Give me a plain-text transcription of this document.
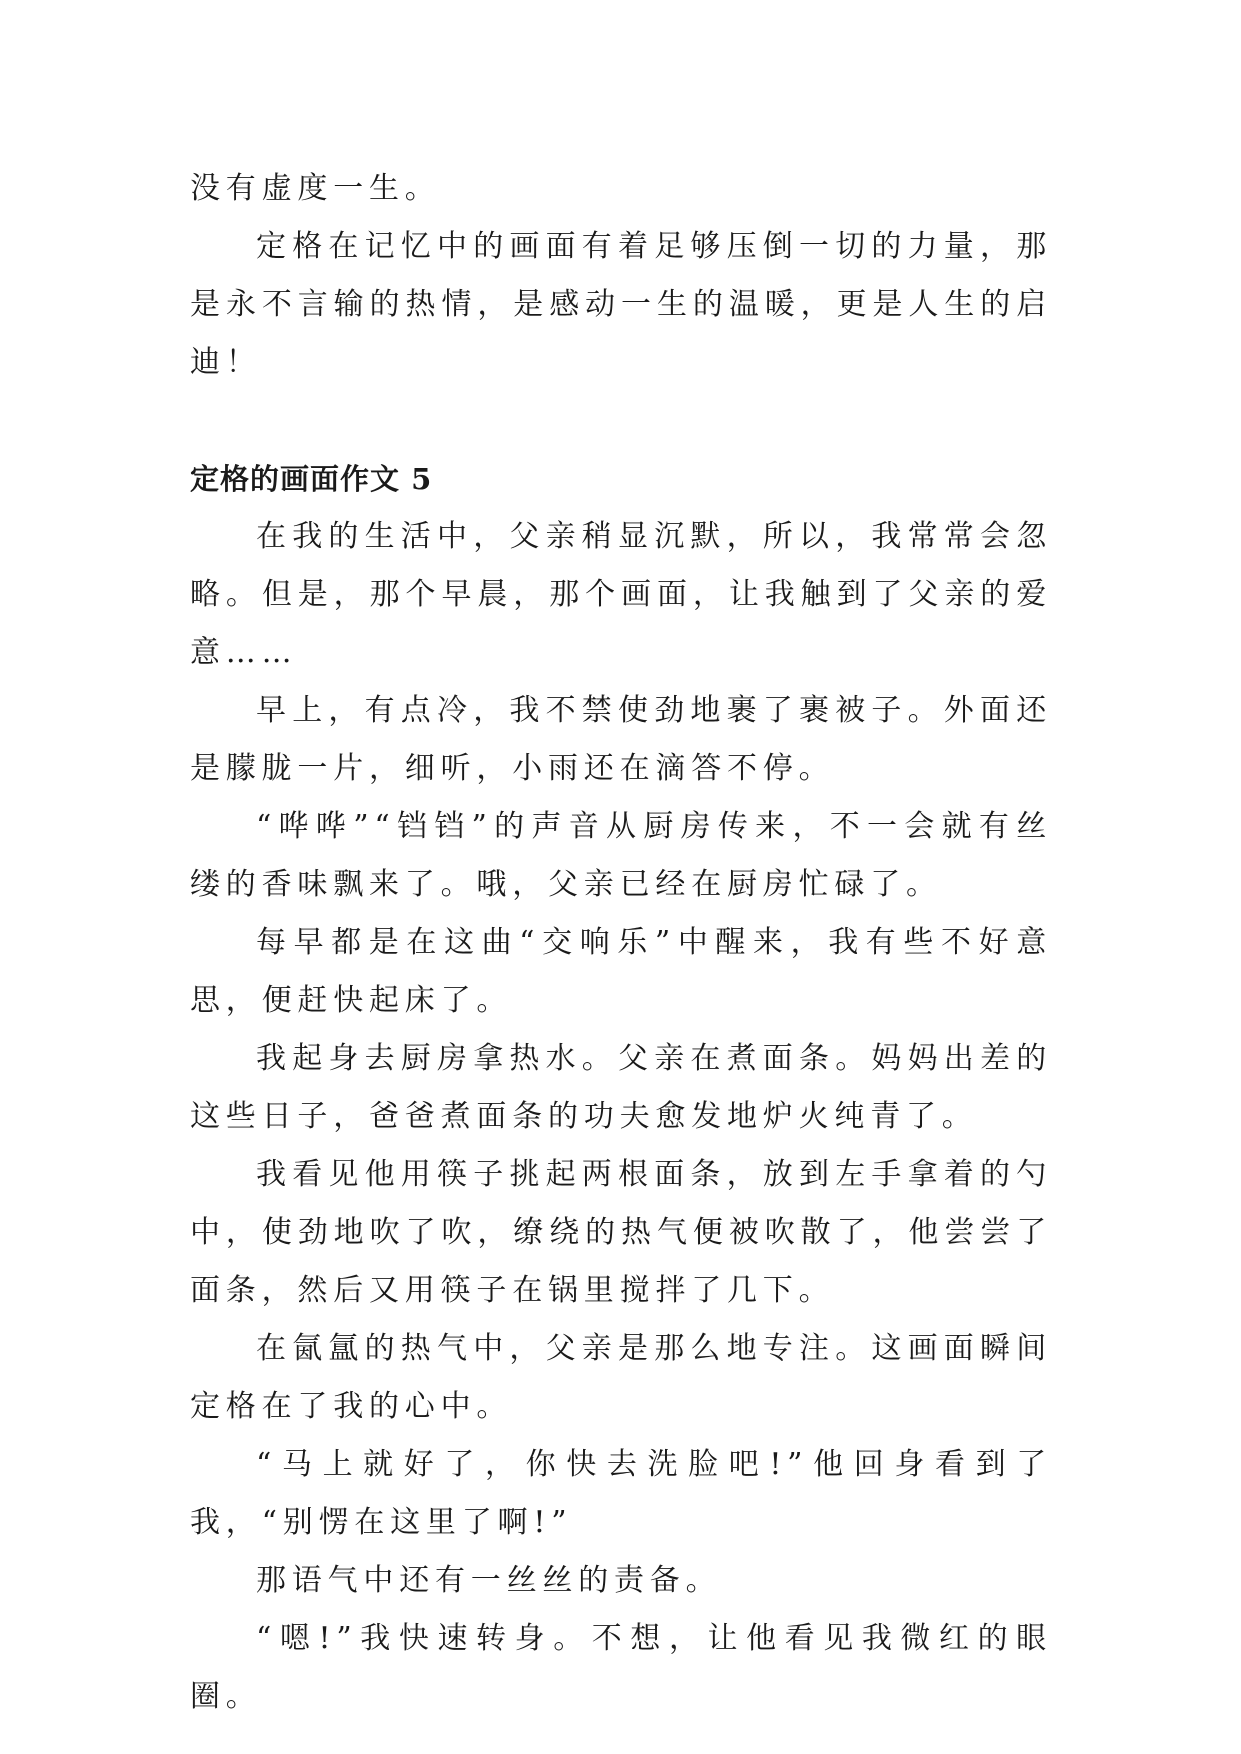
没有虚度一生。

定格在记忆中的画面有着足够压倒一切的力量，那是永不言输的热情，是感动一生的温暖，更是人生的启迪！

定格的画面作文 5

在我的生活中，父亲稍显沉默，所以，我常常会忽略。但是，那个早晨，那个画面，让我触到了父亲的爱意……

早上，有点冷，我不禁使劲地裹了裹被子。外面还是朦胧一片，细听，小雨还在滴答不停。

“哗哗”“铛铛”的声音从厨房传来，不一会就有丝缕的香味飘来了。哦，父亲已经在厨房忙碌了。

每早都是在这曲“交响乐”中醒来，我有些不好意思，便赶快起床了。

我起身去厨房拿热水。父亲在煮面条。妈妈出差的这些日子，爸爸煮面条的功夫愈发地炉火纯青了。

我看见他用筷子挑起两根面条，放到左手拿着的勺中，使劲地吹了吹，缭绕的热气便被吹散了，他尝尝了面条，然后又用筷子在锅里搅拌了几下。

在氤氲的热气中，父亲是那么地专注。这画面瞬间定格在了我的心中。

“马上就好了，你快去洗脸吧!”他回身看到了我，“别愣在这里了啊!”

那语气中还有一丝丝的责备。

“嗯!”我快速转身。不想，让他看见我微红的眼圈。
